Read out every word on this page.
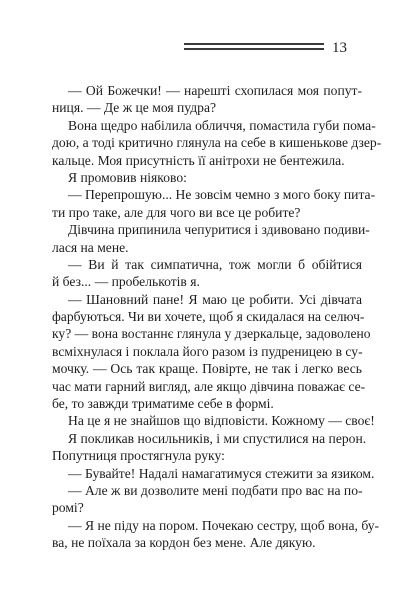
13
— Ой Божечки! — нарешті схопилася моя попут-
ниця. — Де ж це моя пудра?
Вона щедро набілила обличчя, помастила губи пома-
дою, а тоді критично глянула на себе в кишенькове дзер-
кальце. Моя присутність її анітрохи не бентежила.
Я промовив ніяково:
— Перепрошую... Не зовсім чемно з мого боку пита-
ти про таке, але для чого ви все це робите?
Дівчина припинила чепуритися і здивовано подиви-
лася на мене.
— Ви й так симпатична, тож могли б обійтися
й без... — пробелькотів я.
— Шановний пане! Я маю це робити. Усі дівчата
фарбуються. Чи ви хочете, щоб я скидалася на селюч-
ку? — вона востаннє глянула у дзеркальце, задоволено
всміхнулася і поклала його разом із пудреницею в су-
мочку. — Ось так краще. Повірте, не так і легко весь
час мати гарний вигляд, але якщо дівчина поважає се-
бе, то завжди триматиме себе в формі.
На це я не знайшов що відповісти. Кожному — своє!
Я покликав носильників, і ми спустилися на перон.
Попутниця простягнула руку:
— Бувайте! Надалі намагатимуся стежити за язиком.
— Але ж ви дозволите мені подбати про вас на по-
ромі?
— Я не піду на пором. Почекаю сестру, щоб вона, бу-
ва, не поїхала за кордон без мене. Але дякую.
